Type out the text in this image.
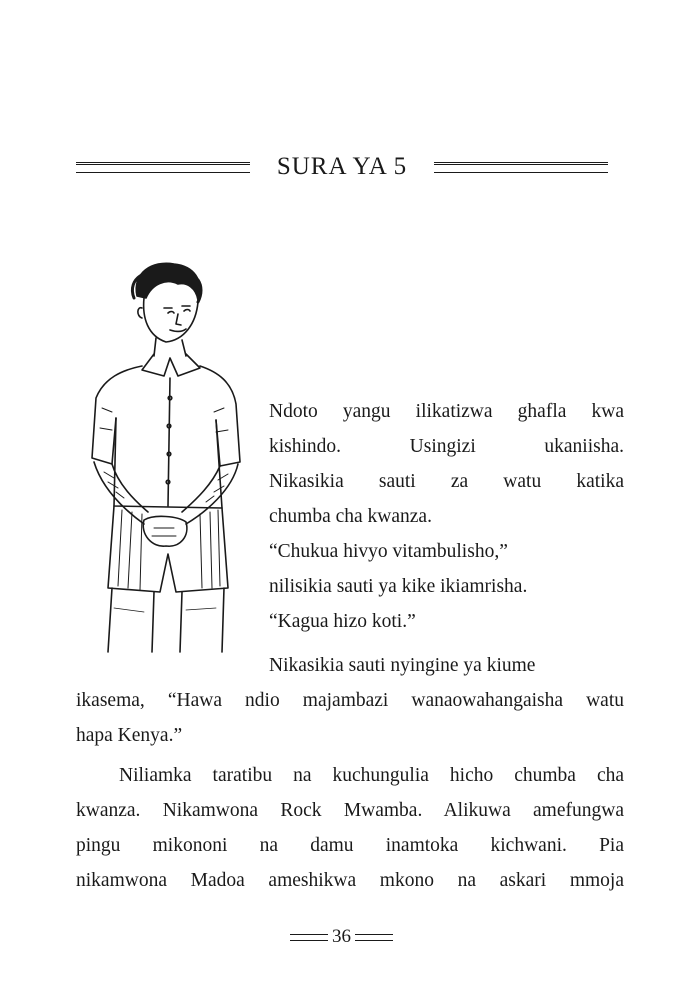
SURA YA 5
Ndoto yangu ilikatizwa ghafla kwa
kishindo. Usingizi ukaniisha.
Nikasikia sauti za watu katika
chumba cha kwanza.
“Chukua hivyo vitambulisho,”
nilisikia sauti ya kike ikiamrisha.
“Kagua hizo koti.”
Nikasikia sauti nyingine ya kiume
ikasema, “Hawa ndio majambazi wanaowahangaisha watu
hapa Kenya.”
Niliamka taratibu na kuchungulia hicho chumba cha
kwanza. Nikamwona Rock Mwamba. Alikuwa amefungwa
pingu mikononi na damu inamtoka kichwani. Pia
nikamwona Madoa ameshikwa mkono na askari mmoja
36
